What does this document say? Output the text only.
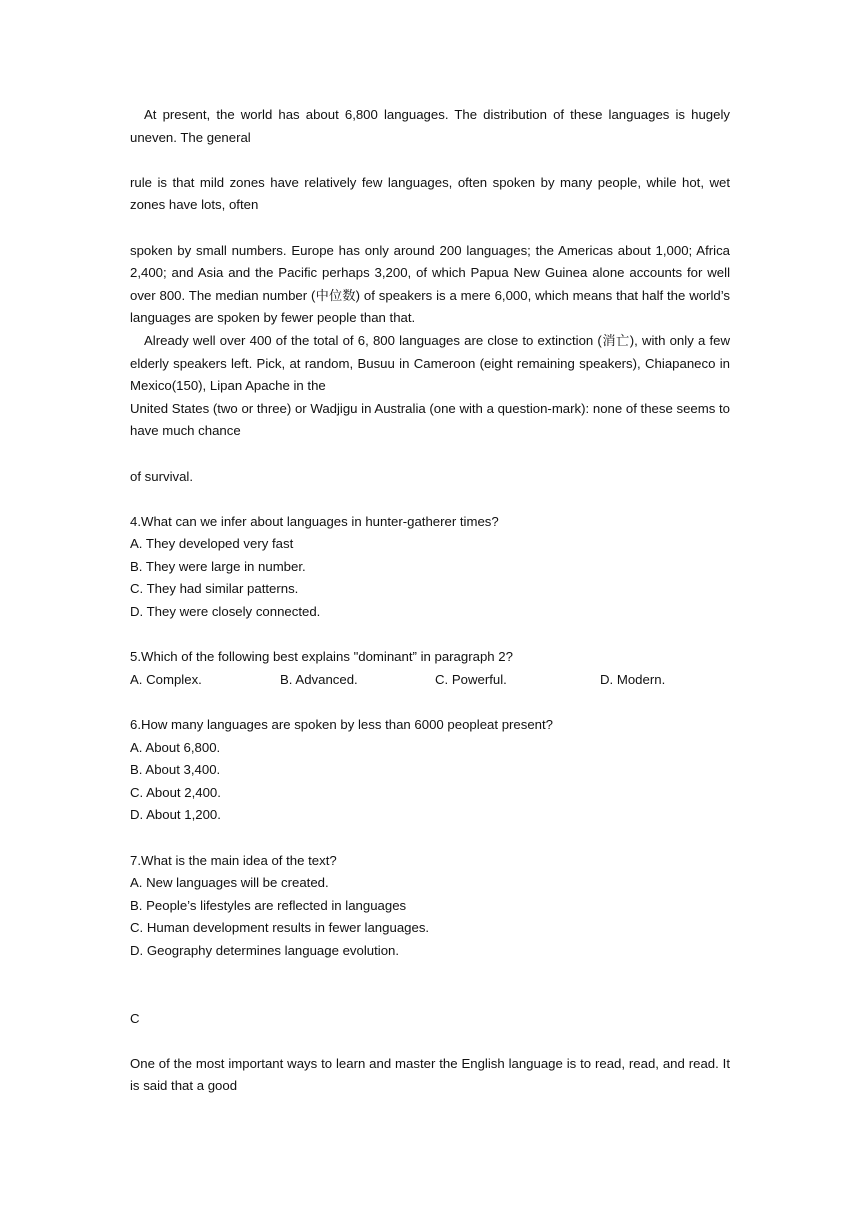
At present, the world has about 6,800 languages. The distribution of these languages is hugely uneven. The general

rule is that mild zones have relatively few languages, often spoken by many people, while hot, wet zones have lots, often

spoken by small numbers. Europe has only around 200 languages; the Americas about 1,000; Africa 2,400; and Asia and the Pacific perhaps 3,200, of which Papua New Guinea alone accounts for well over 800. The median number (中位数) of speakers is a mere 6,000, which means that half the world’s languages are spoken by fewer people than that.

Already well over 400 of the total of 6, 800 languages are close to extinction (消亡), with only a few elderly speakers left. Pick, at random, Busuu in Cameroon (eight remaining speakers), Chiapaneco in Mexico(150), Lipan Apache in the

United States (two or three) or Wadjigu in Australia (one with a question-mark): none of these seems to have much chance

of survival.

4.What can we infer about languages in hunter-gatherer times?

A. They developed very fast

B. They were large in number.

C. They had similar patterns.

D. They were closely connected.

5.Which of the following best explains "dominant” in paragraph 2?

A. Complex.	B. Advanced.	C. Powerful.	D. Modern.

6.How many languages are spoken by less than 6000 peopleat present?

A. About 6,800.

B. About 3,400.

C. About 2,400.

D. About 1,200.

7.What is the main idea of the text?

A. New languages will be created.

B. People’s lifestyles are reflected in languages

C. Human development results in fewer languages.

D. Geography determines language evolution.

C

One of the most important ways to learn and master the English language is to read, read, and read. It is said that a good
